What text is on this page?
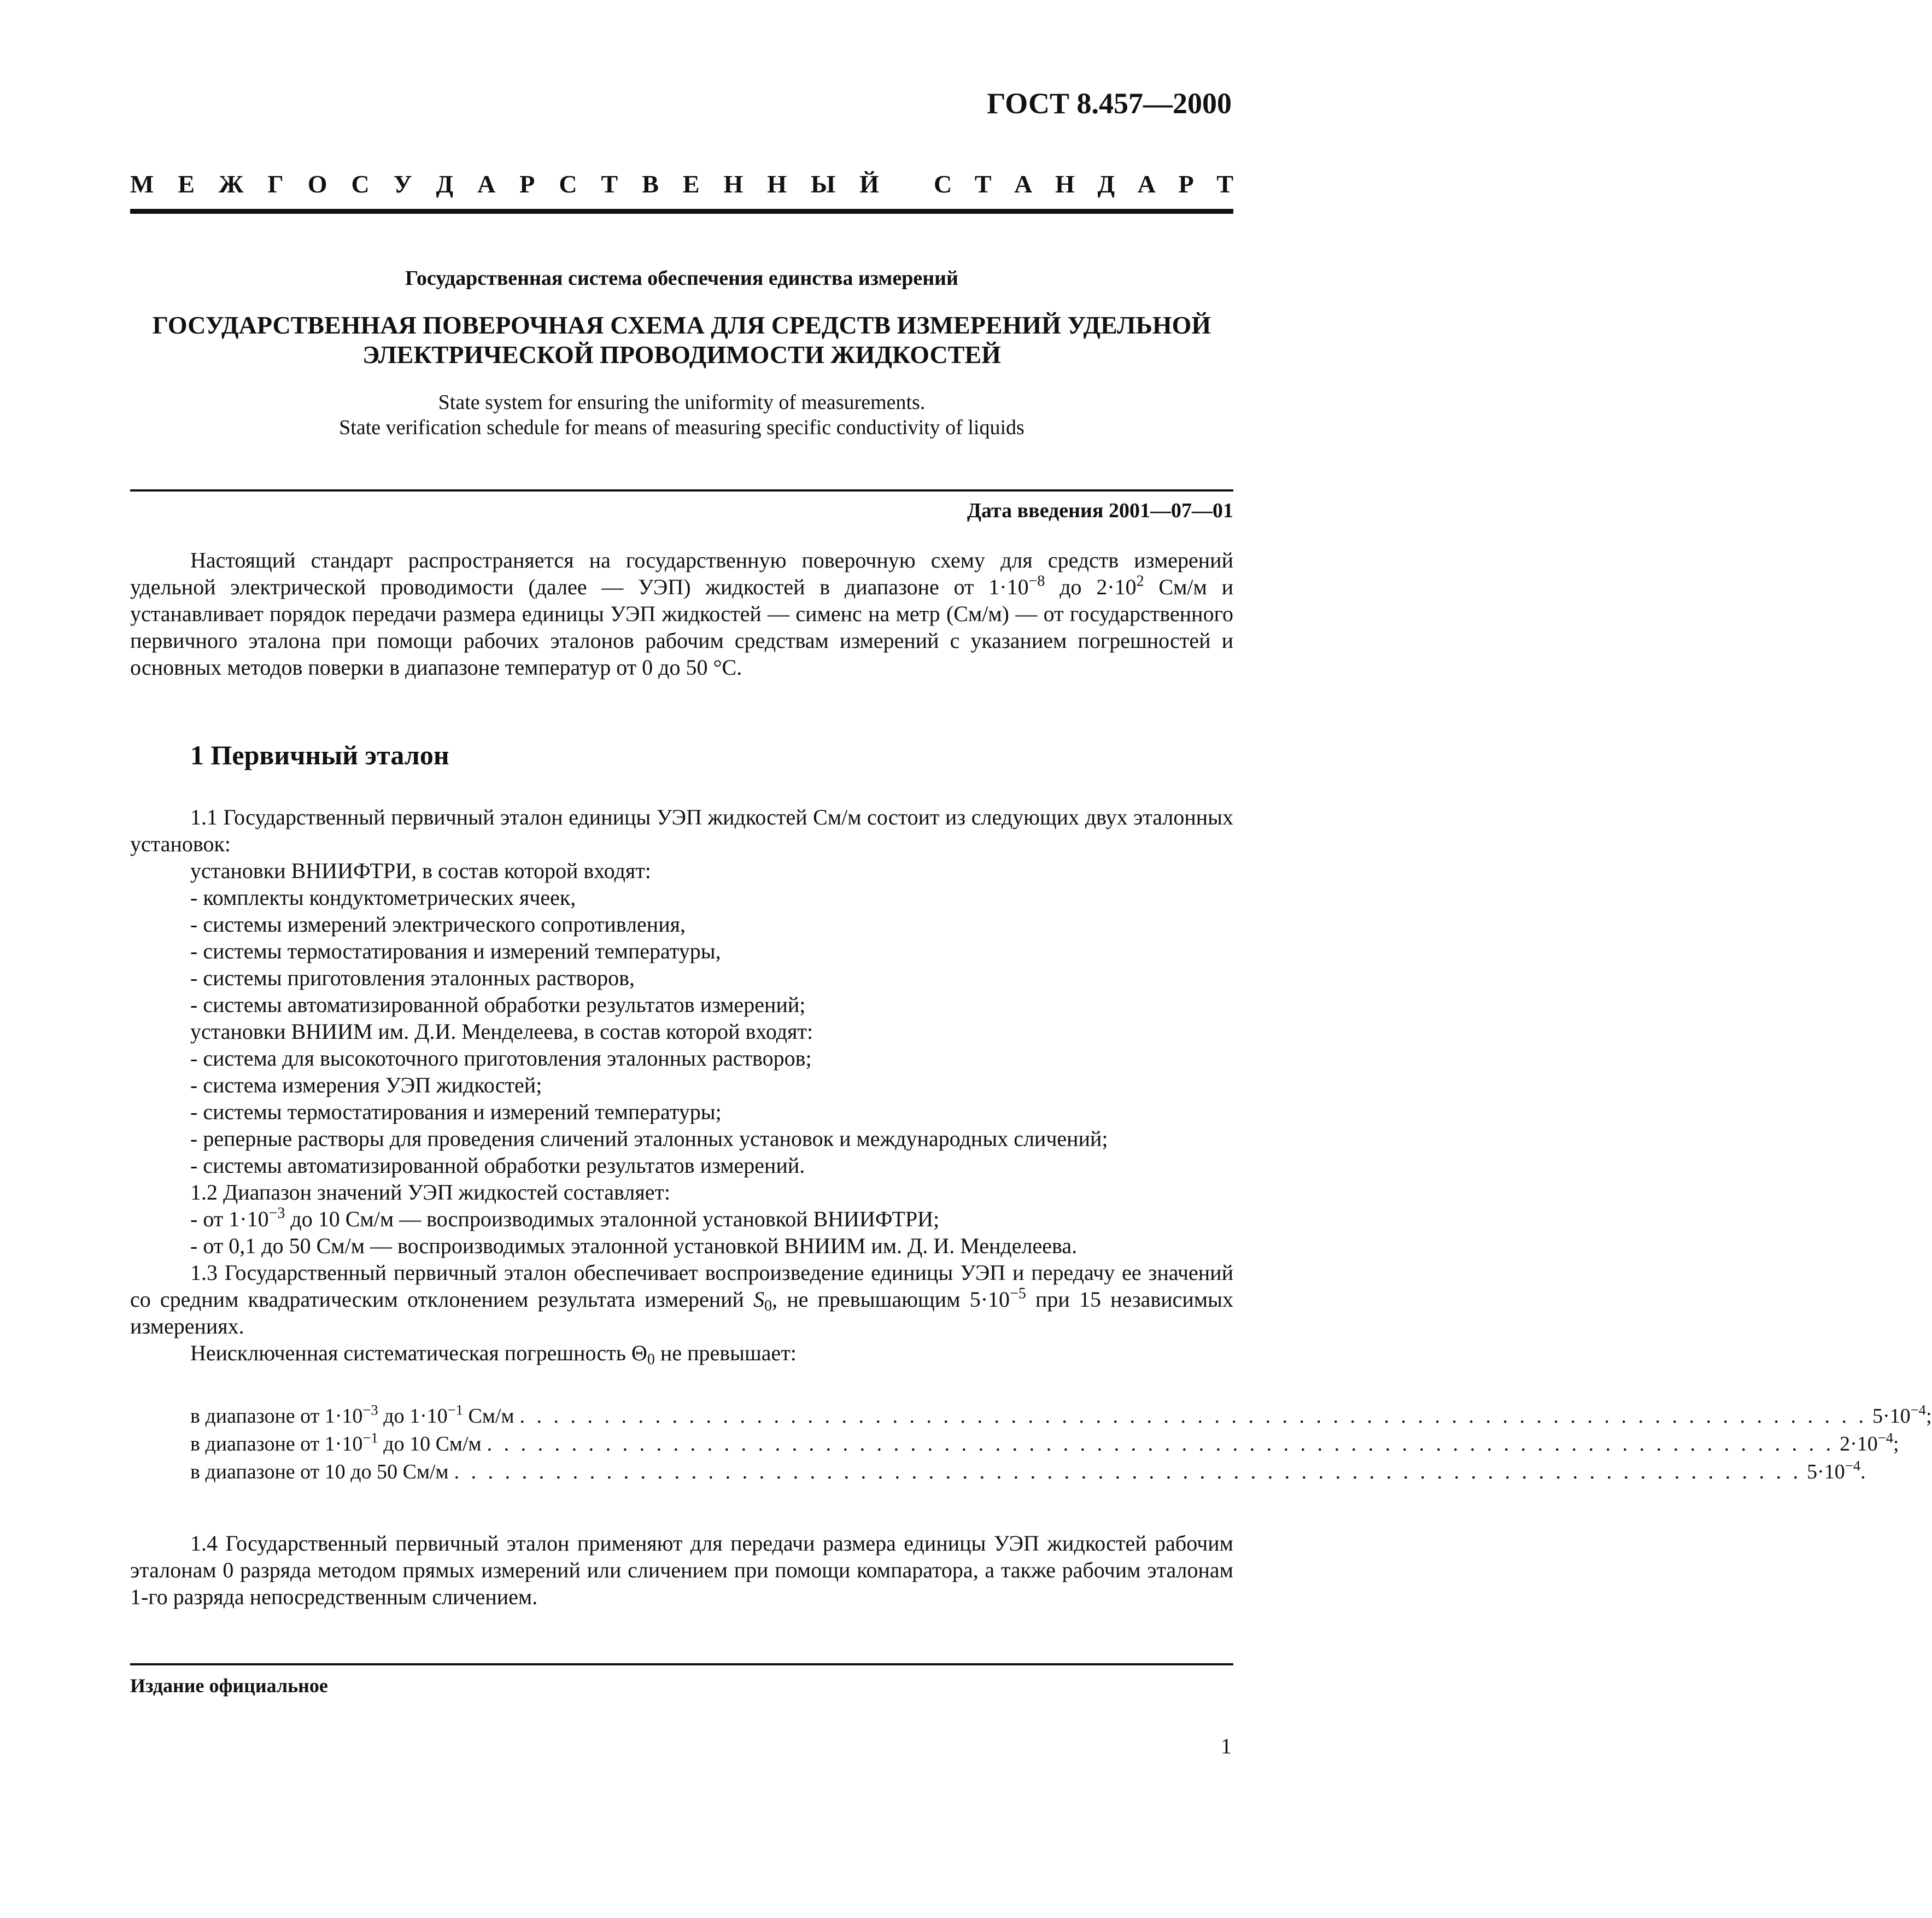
ГОСТ 8.457—2000
М Е Ж Г О С У Д А Р С Т В Е Н Н Ы Й С Т А Н Д А Р Т
Государственная система обеспечения единства измерений
ГОСУДАРСТВЕННАЯ ПОВЕРОЧНАЯ СХЕМА ДЛЯ СРЕДСТВ ИЗМЕРЕНИЙ УДЕЛЬНОЙ
ЭЛЕКТРИЧЕСКОЙ ПРОВОДИМОСТИ ЖИДКОСТЕЙ
State system for ensuring the uniformity of measurements.
State verification schedule for means of measuring specific conductivity of liquids
Дата введения 2001—07—01

Настоящий стандарт распространяется на государственную поверочную схему для средств измерений удельной электрической проводимости (далее — УЭП) жидкостей в диапазоне от $1\cdot 10^{-8}$ до $2\cdot 10^2$ См/м и устанавливает порядок передачи размера единицы УЭП жидкостей — сименс на метр (См/м) — от государственного первичного эталона при помощи рабочих эталонов рабочим средствам измерений с указанием погрешностей и основных методов поверки в диапазоне температур от 0 до 50 °С.

1 Первичный эталон

1.1 Государственный первичный эталон единицы УЭП жидкостей См/м состоит из следующих двух эталонных установок:

установки ВНИИФТРИ, в состав которой входят:

- комплекты кондуктометрических ячеек,

- системы измерений электрического сопротивления,

- системы термостатирования и измерений температуры,

- системы приготовления эталонных растворов,

- системы автоматизированной обработки результатов измерений;

установки ВНИИМ им. Д.И. Менделеева, в состав которой входят:

- система для высокоточного приготовления эталонных растворов;

- система измерения УЭП жидкостей;

- системы термостатирования и измерений температуры;

- реперные растворы для проведения сличений эталонных установок и международных сличений;

- системы автоматизированной обработки результатов измерений.

1.2 Диапазон значений УЭП жидкостей составляет:

- от $1\cdot 10^{-3}$ до 10 См/м — воспроизводимых эталонной установкой ВНИИФТРИ;

- от 0,1 до 50 См/м — воспроизводимых эталонной установкой ВНИИМ им. Д. И. Менделеева.

1.3 Государственный первичный эталон обеспечивает воспроизведение единицы УЭП и передачу ее значений со средним квадратическим отклонением результата измерений $S_0$, не превышающим $5\cdot 10^{-5}$ при 15 независимых измерениях.

Неисключенная систематическая погрешность $\Theta_0$ не превышает:

в диапазоне от $1\cdot 10^{-3}$ до $1\cdot 10^{-1}$ См/м . . . . . . . . . . . . . . . . . . . . . . . . . . . . . . . . . . . . . . . . . . . . . . . . . . . . . . . . . . . . . . . . . . . . . . . . . . . . . . . . $5\cdot 10^{-4}$;
в диапазоне от $1\cdot 10^{-1}$ до 10 См/м . . . . . . . . . . . . . . . . . . . . . . . . . . . . . . . . . . . . . . . . . . . . . . . . . . . . . . . . . . . . . . . . . . . . . . . . . . . . . . . . $2\cdot 10^{-4}$;
в диапазоне от 10 до 50 См/м . . . . . . . . . . . . . . . . . . . . . . . . . . . . . . . . . . . . . . . . . . . . . . . . . . . . . . . . . . . . . . . . . . . . . . . . . . . . . . . . $5\cdot 10^{-4}$.

1.4 Государственный первичный эталон применяют для передачи размера единицы УЭП жидкостей рабочим эталонам 0 разряда методом прямых измерений или сличением при помощи компаратора, а также рабочим эталонам 1-го разряда непосредственным сличением.

Издание официальное
1
